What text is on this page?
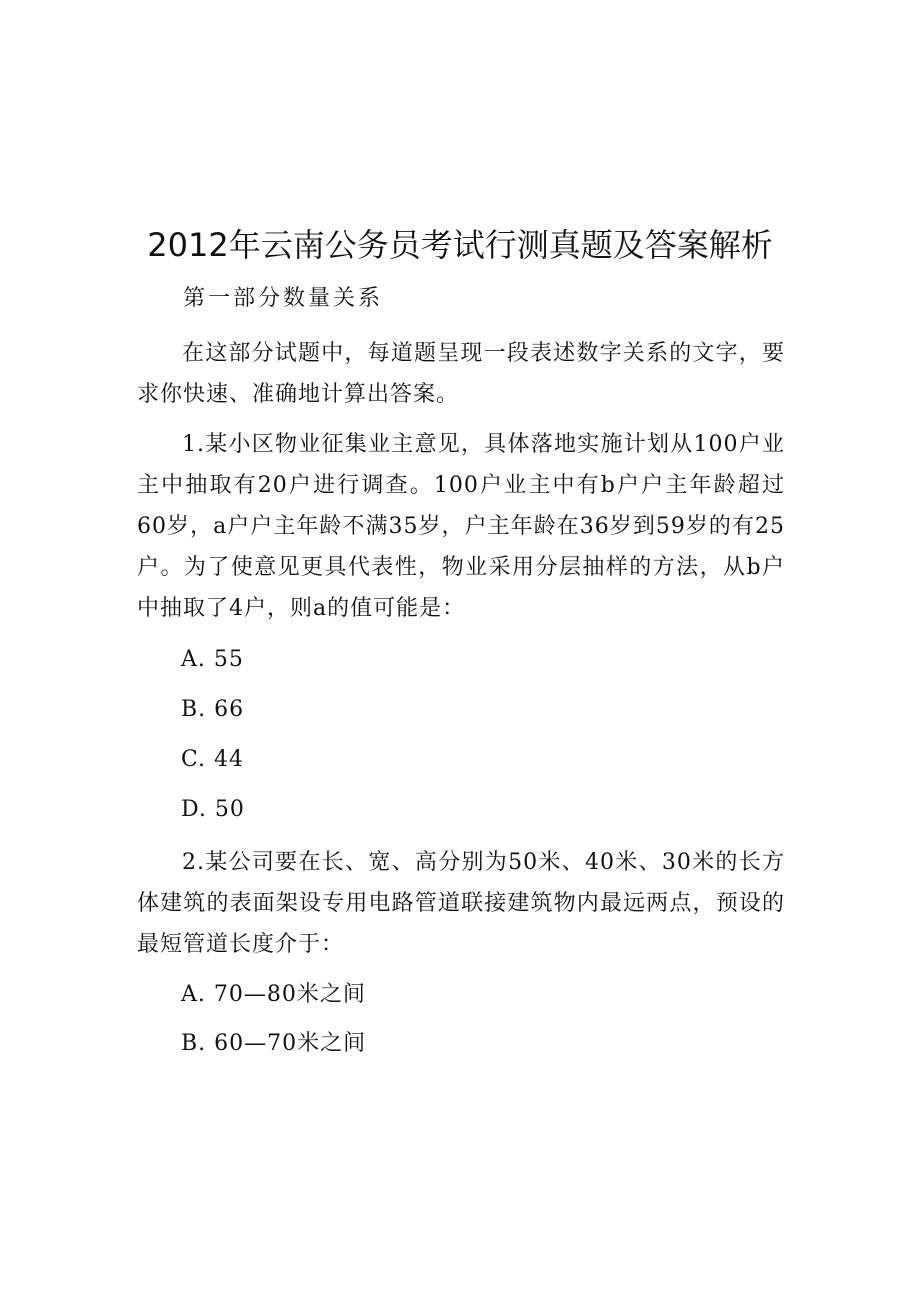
2012年云南公务员考试行测真题及答案解析

第一部分数量关系

在这部分试题中，每道题呈现一段表述数字关系的文字，要求你快速、准确地计算出答案。

1.某小区物业征集业主意见，具体落地实施计划从100户业主中抽取有20户进行调查。100户业主中有b户户主年龄超过60岁，a户户主年龄不满35岁，户主年龄在36岁到59岁的有25户。为了使意见更具代表性，物业采用分层抽样的方法，从b户中抽取了4户，则a的值可能是：

A. 55
B. 66
C. 44
D. 50

2.某公司要在长、宽、高分别为50米、40米、30米的长方体建筑的表面架设专用电路管道联接建筑物内最远两点，预设的最短管道长度介于：

A. 70—80米之间
B. 60—70米之间
